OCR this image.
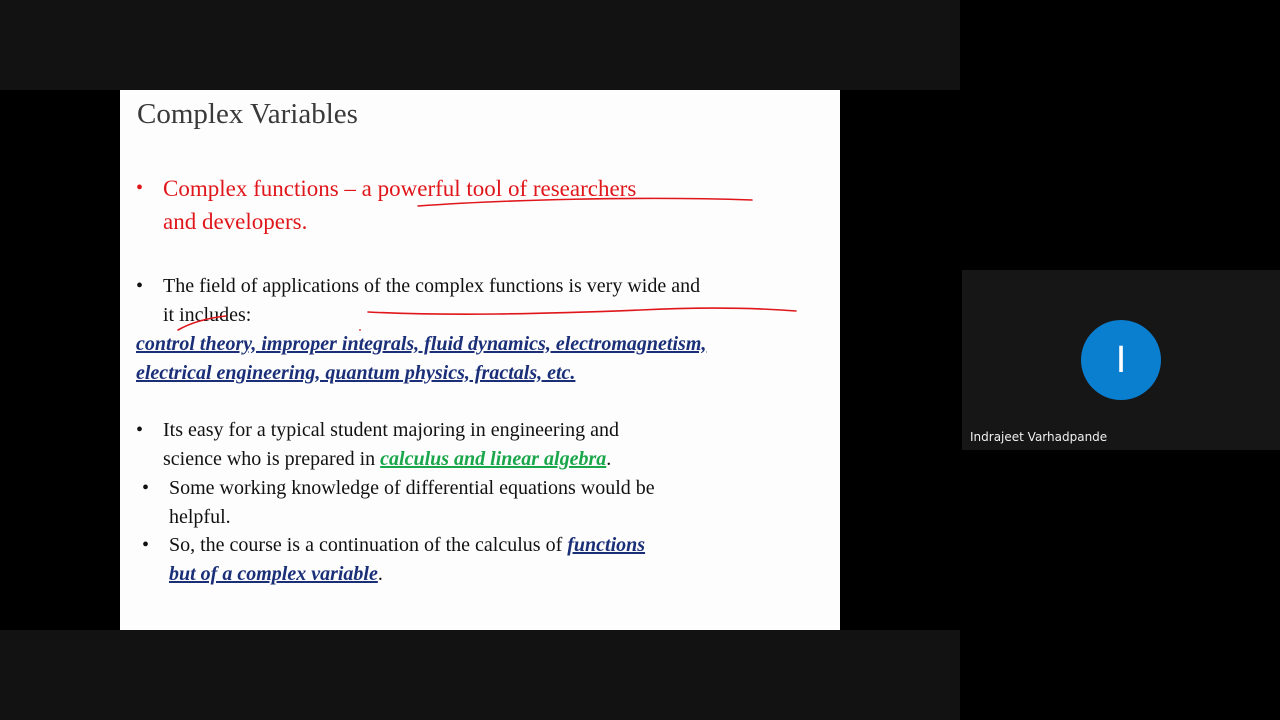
Complex Variables
• Complex functions – a powerful tool of researchers
and developers.
• The field of applications of the complex functions is very wide and
it includes:
control theory, improper integrals, fluid dynamics, electromagnetism,
electrical engineering, quantum physics, fractals, etc.
• Its easy for a typical student majoring in engineering and
science who is prepared in calculus and linear algebra.
• Some working knowledge of differential equations would be
helpful.
• So, the course is a continuation of the calculus of functions
but of a complex variable.
I
Indrajeet Varhadpande
